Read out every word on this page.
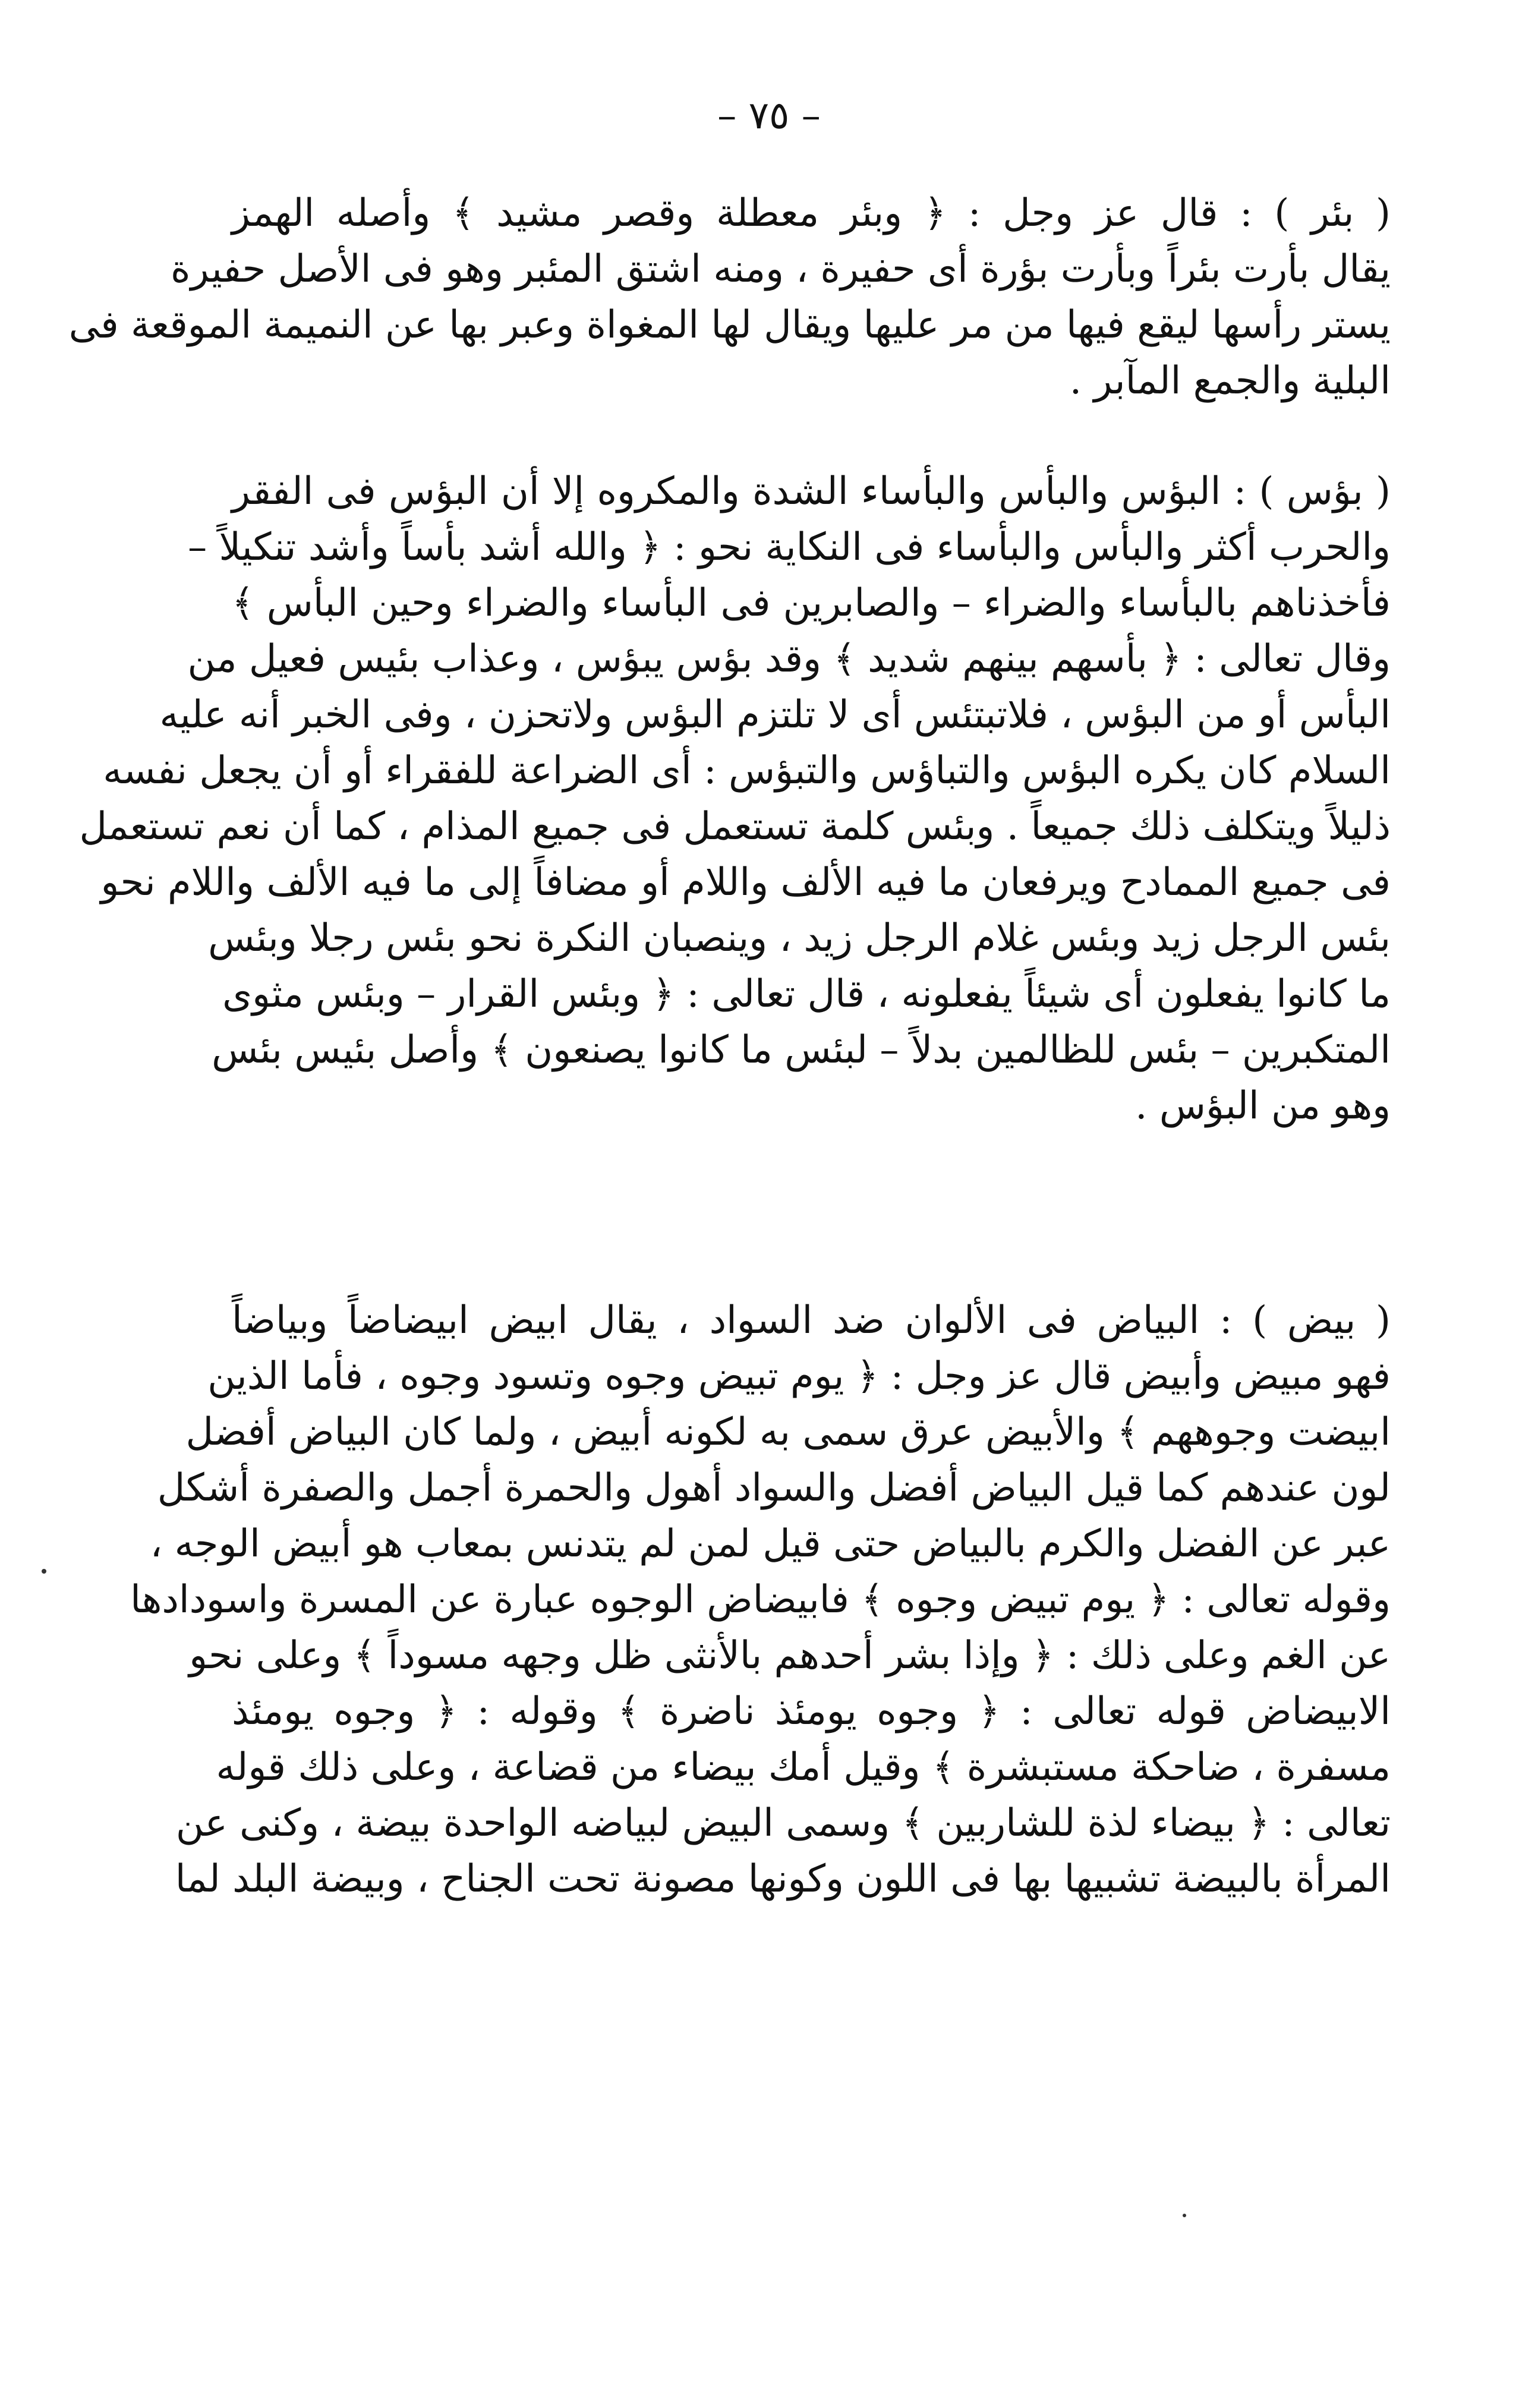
– ٧٥ –
( بئر ) : قال عز وجل : ﴿ وبئر معطلة وقصر مشيد ﴾ وأصله الهمز
يقال بأرت بئراً وبأرت بؤرة أى حفيرة ، ومنه اشتق المئبر وهو فى الأصل حفيرة
يستر رأسها ليقع فيها من مر عليها ويقال لها المغواة وعبر بها عن النميمة الموقعة فى
البلية والجمع المآبر .
( بؤس ) : البؤس والبأس والبأساء الشدة والمكروه إلا أن البؤس فى الفقر
والحرب أكثر والبأس والبأساء فى النكاية نحو : ﴿ والله أشد بأساً وأشد تنكيلاً –
فأخذناهم بالبأساء والضراء – والصابرين فى البأساء والضراء وحين البأس ﴾
وقال تعالى : ﴿ بأسهم بينهم شديد ﴾ وقد بؤس يبؤس ، وعذاب بئيس فعيل من
البأس أو من البؤس ، فلاتبتئس أى لا تلتزم البؤس ولاتحزن ، وفى الخبر أنه عليه
السلام كان يكره البؤس والتباؤس والتبؤس : أى الضراعة للفقراء أو أن يجعل نفسه
ذليلاً ويتكلف ذلك جميعاً . وبئس كلمة تستعمل فى جميع المذام ، كما أن نعم تستعمل
فى جميع الممادح ويرفعان ما فيه الألف واللام أو مضافاً إلى ما فيه الألف واللام نحو
بئس الرجل زيد وبئس غلام الرجل زيد ، وينصبان النكرة نحو بئس رجلا وبئس
ما كانوا يفعلون أى شيئاً يفعلونه ، قال تعالى : ﴿ وبئس القرار – وبئس مثوى
المتكبرين – بئس للظالمين بدلاً – لبئس ما كانوا يصنعون ﴾ وأصل بئيس بئس
وهو من البؤس .
( بيض ) : البياض فى الألوان ضد السواد ، يقال ابيض ابيضاضاً وبياضاً
فهو مبيض وأبيض قال عز وجل : ﴿ يوم تبيض وجوه وتسود وجوه ، فأما الذين
ابيضت وجوههم ﴾ والأبيض عرق سمى به لكونه أبيض ، ولما كان البياض أفضل
لون عندهم كما قيل البياض أفضل والسواد أهول والحمرة أجمل والصفرة أشكل
عبر عن الفضل والكرم بالبياض حتى قيل لمن لم يتدنس بمعاب هو أبيض الوجه ،
وقوله تعالى : ﴿ يوم تبيض وجوه ﴾ فابيضاض الوجوه عبارة عن المسرة واسودادها
عن الغم وعلى ذلك : ﴿ وإذا بشر أحدهم بالأنثى ظل وجهه مسوداً ﴾ وعلى نحو
الابيضاض قوله تعالى : ﴿ وجوه يومئذ ناضرة ﴾ وقوله : ﴿ وجوه يومئذ
مسفرة ، ضاحكة مستبشرة ﴾ وقيل أمك بيضاء من قضاعة ، وعلى ذلك قوله
تعالى : ﴿ بيضاء لذة للشاربين ﴾ وسمى البيض لبياضه الواحدة بيضة ، وكنى عن
المرأة بالبيضة تشبيها بها فى اللون وكونها مصونة تحت الجناح ، وبيضة البلد لما
